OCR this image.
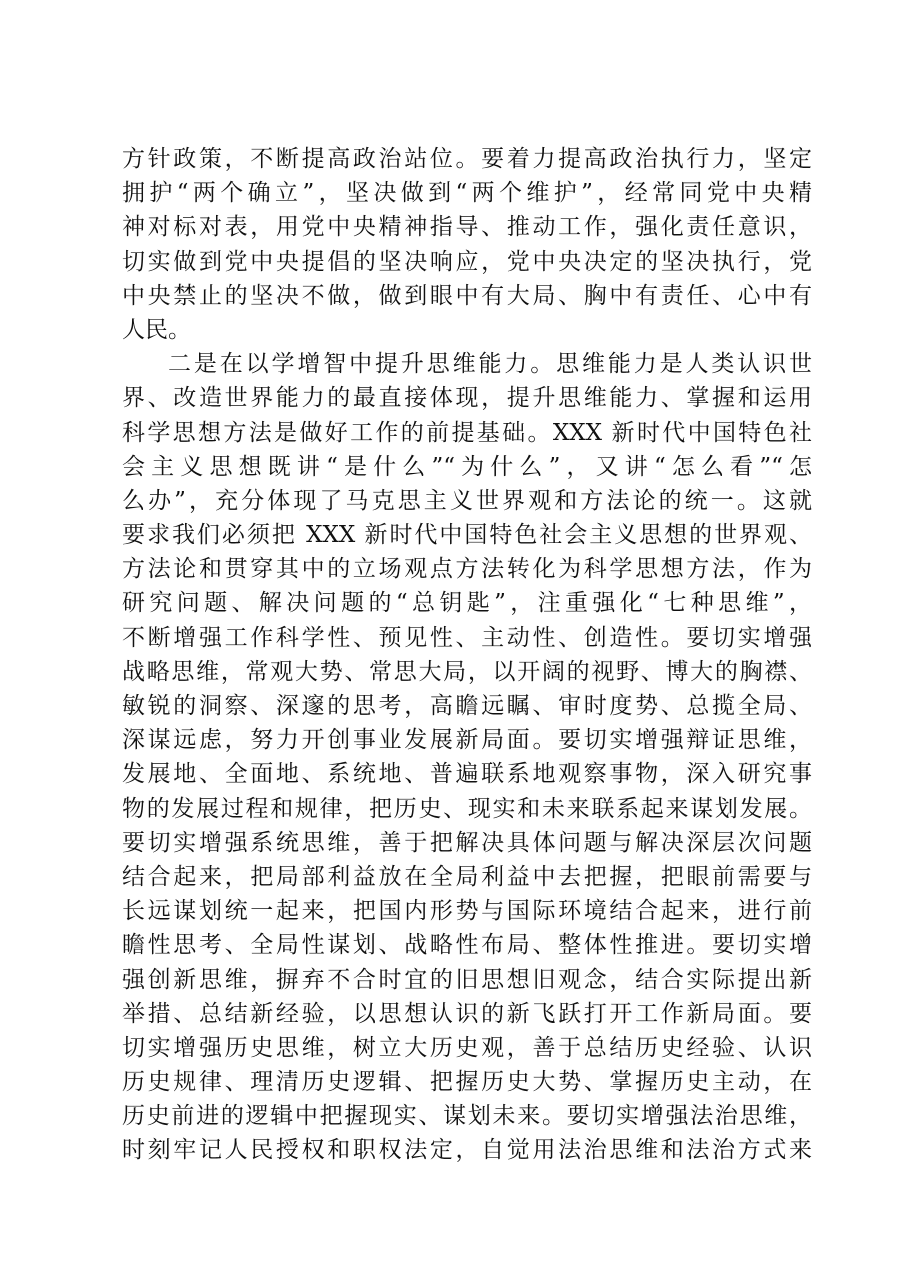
方针政策，不断提高政治站位。要着力提高政治执行力，坚定
拥护“两个确立”，坚决做到“两个维护”，经常同党中央精
神对标对表，用党中央精神指导、推动工作，强化责任意识，
切实做到党中央提倡的坚决响应，党中央决定的坚决执行，党
中央禁止的坚决不做，做到眼中有大局、胸中有责任、心中有
人民。
二是在以学增智中提升思维能力。思维能力是人类认识世
界、改造世界能力的最直接体现，提升思维能力、掌握和运用
科学思想方法是做好工作的前提基础。XXX 新时代中国特色社
会主义思想既讲“是什么”“为什么”，又讲“怎么看”“怎
么办”，充分体现了马克思主义世界观和方法论的统一。这就
要求我们必须把 XXX 新时代中国特色社会主义思想的世界观、
方法论和贯穿其中的立场观点方法转化为科学思想方法，作为
研究问题、解决问题的“总钥匙”，注重强化“七种思维”，
不断增强工作科学性、预见性、主动性、创造性。要切实增强
战略思维，常观大势、常思大局，以开阔的视野、博大的胸襟、
敏锐的洞察、深邃的思考，高瞻远瞩、审时度势、总揽全局、
深谋远虑，努力开创事业发展新局面。要切实增强辩证思维，
发展地、全面地、系统地、普遍联系地观察事物，深入研究事
物的发展过程和规律，把历史、现实和未来联系起来谋划发展。
要切实增强系统思维，善于把解决具体问题与解决深层次问题
结合起来，把局部利益放在全局利益中去把握，把眼前需要与
长远谋划统一起来，把国内形势与国际环境结合起来，进行前
瞻性思考、全局性谋划、战略性布局、整体性推进。要切实增
强创新思维，摒弃不合时宜的旧思想旧观念，结合实际提出新
举措、总结新经验，以思想认识的新飞跃打开工作新局面。要
切实增强历史思维，树立大历史观，善于总结历史经验、认识
历史规律、理清历史逻辑、把握历史大势、掌握历史主动，在
历史前进的逻辑中把握现实、谋划未来。要切实增强法治思维，
时刻牢记人民授权和职权法定，自觉用法治思维和法治方式来
